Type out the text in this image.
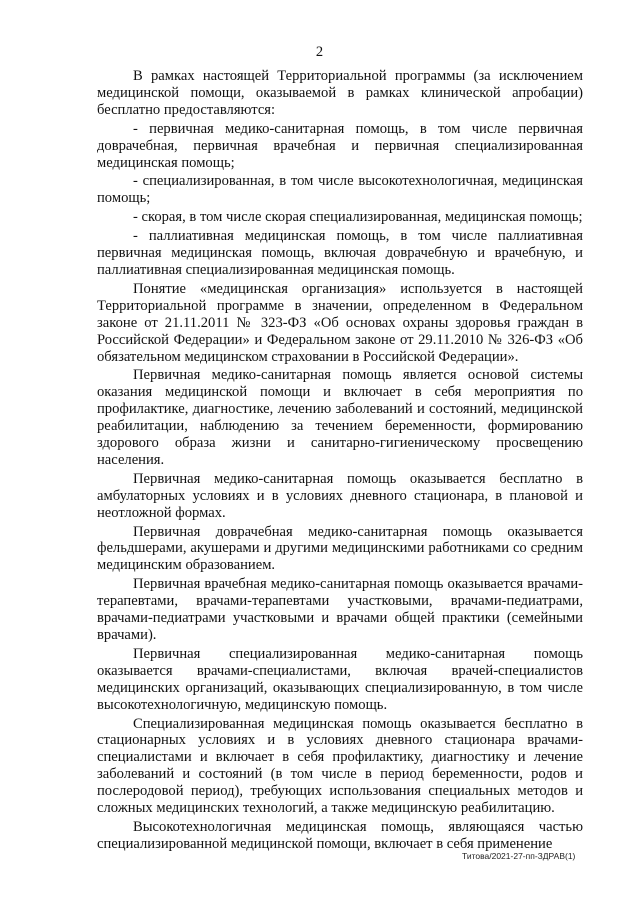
2

В рамках настоящей Территориальной программы (за исключением медицинской помощи, оказываемой в рамках клинической апробации) бесплатно предоставляются:

- первичная медико-санитарная помощь, в том числе первичная доврачебная, первичная врачебная и первичная специализированная медицинская помощь;

- специализированная, в том числе высокотехнологичная, медицинская помощь;

- скорая, в том числе скорая специализированная, медицинская помощь;

- паллиативная медицинская помощь, в том числе паллиативная первичная медицинская помощь, включая доврачебную и врачебную, и паллиативная специализированная медицинская помощь.

Понятие «медицинская организация» используется в настоящей Территориальной программе в значении, определенном в Федеральном законе от 21.11.2011 № 323-ФЗ «Об основах охраны здоровья граждан в Российской Федерации» и Федеральном законе от 29.11.2010 № 326-ФЗ «Об обязательном медицинском страховании в Российской Федерации».

Первичная медико-санитарная помощь является основой системы оказания медицинской помощи и включает в себя мероприятия по профилактике, диагностике, лечению заболеваний и состояний, медицинской реабилитации, наблюдению за течением беременности, формированию здорового образа жизни и санитарно-гигиеническому просвещению населения.

Первичная медико-санитарная помощь оказывается бесплатно в амбулаторных условиях и в условиях дневного стационара, в плановой и неотложной формах.

Первичная доврачебная медико-санитарная помощь оказывается фельдшерами, акушерами и другими медицинскими работниками со средним медицинским образованием.

Первичная врачебная медико-санитарная помощь оказывается врачами-терапевтами, врачами-терапевтами участковыми, врачами-педиатрами, врачами-педиатрами участковыми и врачами общей практики (семейными врачами).

Первичная специализированная медико-санитарная помощь оказывается врачами-специалистами, включая врачей-специалистов медицинских организаций, оказывающих специализированную, в том числе высокотехнологичную, медицинскую помощь.

Специализированная медицинская помощь оказывается бесплатно в стационарных условиях и в условиях дневного стационара врачами-специалистами и включает в себя профилактику, диагностику и лечение заболеваний и состояний (в том числе в период беременности, родов и послеродовой период), требующих использования специальных методов и сложных медицинских технологий, а также медицинскую реабилитацию.

Высокотехнологичная медицинская помощь, являющаяся частью специализированной медицинской помощи, включает в себя применение

Титова/2021-27-пп-ЗДРАВ(1)
